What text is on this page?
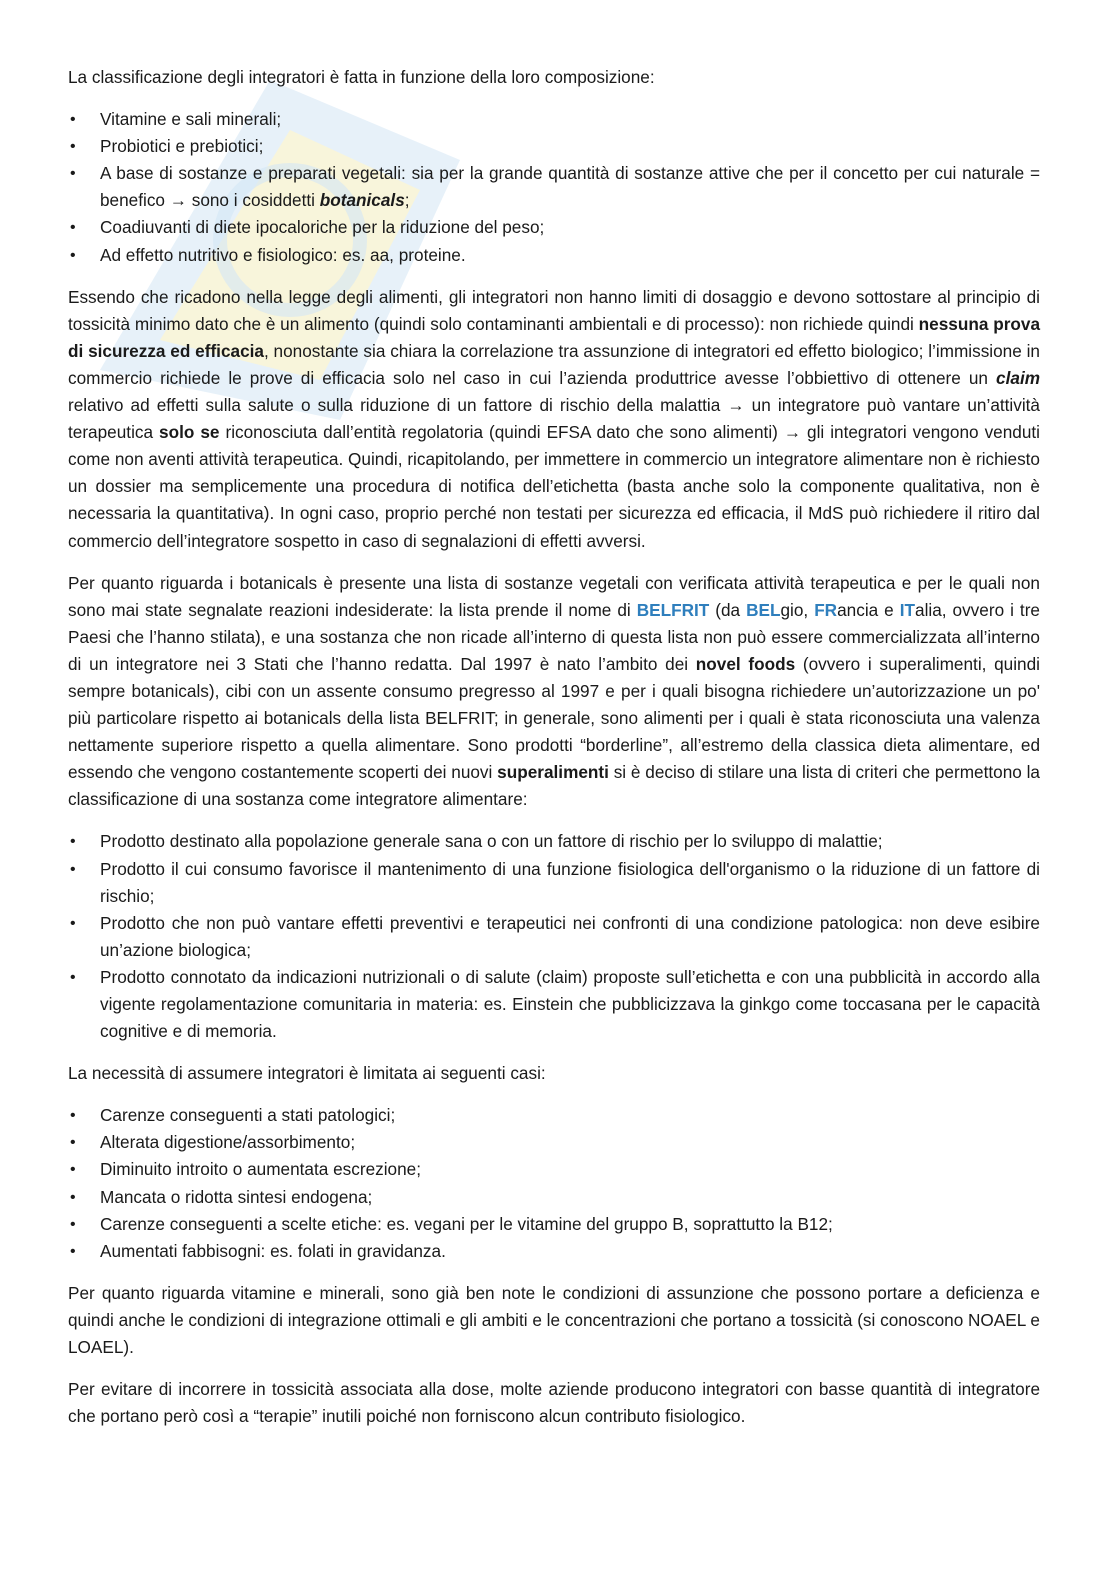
La classificazione degli integratori è fatta in funzione della loro composizione:

• Vitamine e sali minerali;
• Probiotici e prebiotici;
• A base di sostanze e preparati vegetali: sia per la grande quantità di sostanze attive che per il concetto per cui naturale = benefico → sono i cosiddetti botanicals;
• Coadiuvanti di diete ipocaloriche per la riduzione del peso;
• Ad effetto nutritivo e fisiologico: es. aa, proteine.

Essendo che ricadono nella legge degli alimenti, gli integratori non hanno limiti di dosaggio e devono sottostare al principio di tossicità minimo dato che è un alimento (quindi solo contaminanti ambientali e di processo): non richiede quindi nessuna prova di sicurezza ed efficacia, nonostante sia chiara la correlazione tra assunzione di integratori ed effetto biologico; l’immissione in commercio richiede le prove di efficacia solo nel caso in cui l’azienda produttrice avesse l’obbiettivo di ottenere un claim relativo ad effetti sulla salute o sulla riduzione di un fattore di rischio della malattia → un integratore può vantare un’attività terapeutica solo se riconosciuta dall’entità regolatoria (quindi EFSA dato che sono alimenti) → gli integratori vengono venduti come non aventi attività terapeutica. Quindi, ricapitolando, per immettere in commercio un integratore alimentare non è richiesto un dossier ma semplicemente una procedura di notifica dell’etichetta (basta anche solo la componente qualitativa, non è necessaria la quantitativa). In ogni caso, proprio perché non testati per sicurezza ed efficacia, il MdS può richiedere il ritiro dal commercio dell’integratore sospetto in caso di segnalazioni di effetti avversi.

Per quanto riguarda i botanicals è presente una lista di sostanze vegetali con verificata attività terapeutica e per le quali non sono mai state segnalate reazioni indesiderate: la lista prende il nome di BELFRIT (da BELgio, FRancia e ITalia, ovvero i tre Paesi che l’hanno stilata), e una sostanza che non ricade all’interno di questa lista non può essere commercializzata all’interno di un integratore nei 3 Stati che l’hanno redatta. Dal 1997 è nato l’ambito dei novel foods (ovvero i superalimenti, quindi sempre botanicals), cibi con un assente consumo pregresso al 1997 e per i quali bisogna richiedere un’autorizzazione un po' più particolare rispetto ai botanicals della lista BELFRIT; in generale, sono alimenti per i quali è stata riconosciuta una valenza nettamente superiore rispetto a quella alimentare. Sono prodotti “borderline”, all’estremo della classica dieta alimentare, ed essendo che vengono costantemente scoperti dei nuovi superalimenti si è deciso di stilare una lista di criteri che permettono la classificazione di una sostanza come integratore alimentare:

• Prodotto destinato alla popolazione generale sana o con un fattore di rischio per lo sviluppo di malattie;
• Prodotto il cui consumo favorisce il mantenimento di una funzione fisiologica dell'organismo o la riduzione di un fattore di rischio;
• Prodotto che non può vantare effetti preventivi e terapeutici nei confronti di una condizione patologica: non deve esibire un’azione biologica;
• Prodotto connotato da indicazioni nutrizionali o di salute (claim) proposte sull’etichetta e con una pubblicità in accordo alla vigente regolamentazione comunitaria in materia: es. Einstein che pubblicizzava la ginkgo come toccasana per le capacità cognitive e di memoria.

La necessità di assumere integratori è limitata ai seguenti casi:

• Carenze conseguenti a stati patologici;
• Alterata digestione/assorbimento;
• Diminuito introito o aumentata escrezione;
• Mancata o ridotta sintesi endogena;
• Carenze conseguenti a scelte etiche: es. vegani per le vitamine del gruppo B, soprattutto la B12;
• Aumentati fabbisogni: es. folati in gravidanza.

Per quanto riguarda vitamine e minerali, sono già ben note le condizioni di assunzione che possono portare a deficienza e quindi anche le condizioni di integrazione ottimali e gli ambiti e le concentrazioni che portano a tossicità (si conoscono NOAEL e LOAEL).

Per evitare di incorrere in tossicità associata alla dose, molte aziende producono integratori con basse quantità di integratore che portano però così a “terapie” inutili poiché non forniscono alcun contributo fisiologico.
